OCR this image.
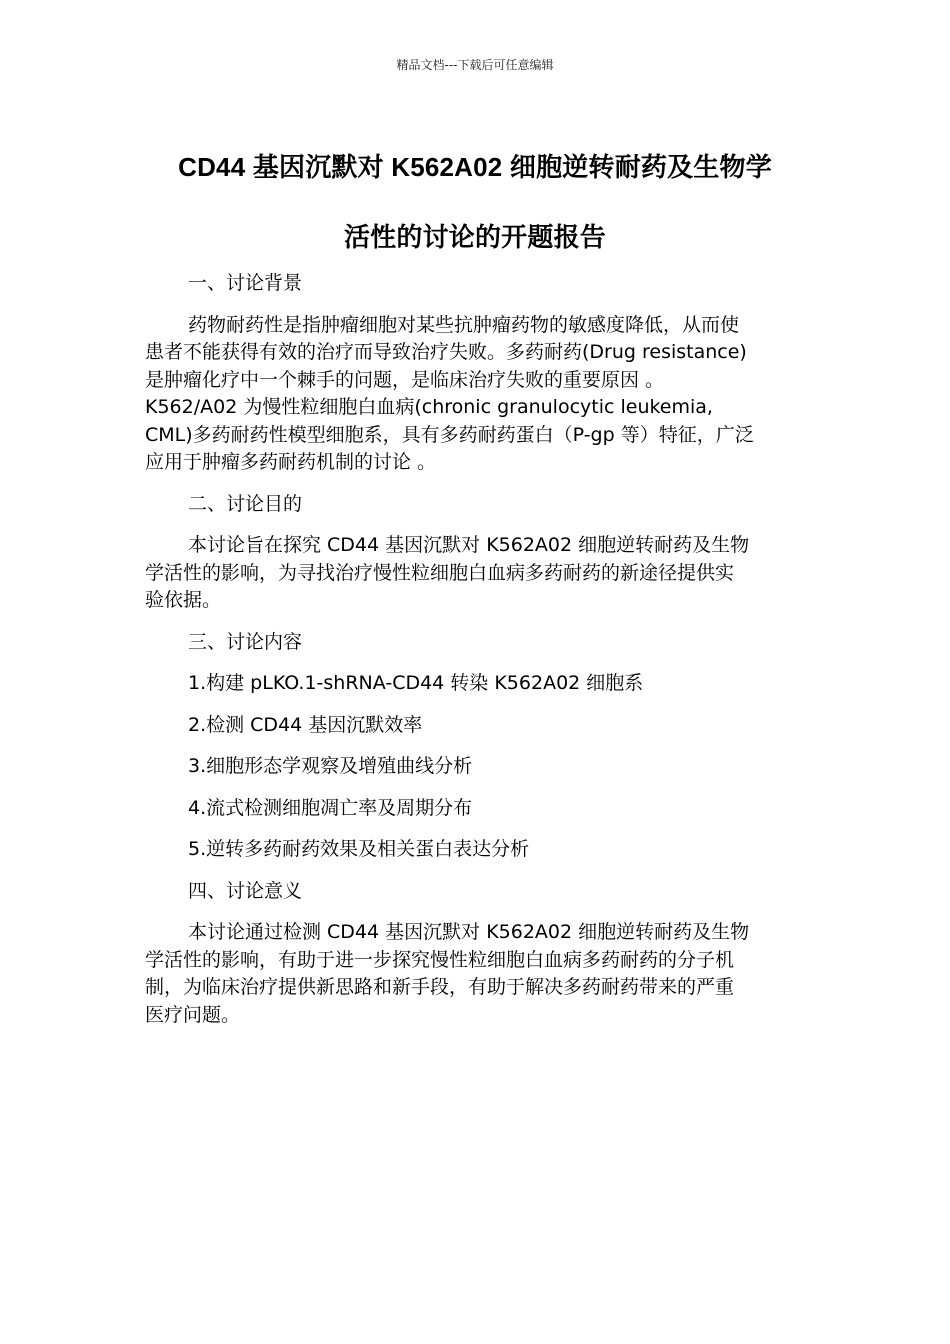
精品文档---下载后可任意编辑
CD44 基因沉默对 K562A02 细胞逆转耐药及生物学
活性的讨论的开题报告

一、讨论背景

药物耐药性是指肿瘤细胞对某些抗肿瘤药物的敏感度降低，从而使
患者不能获得有效的治疗而导致治疗失败。多药耐药(Drug resistance)
是肿瘤化疗中一个棘手的问题，是临床治疗失败的重要原因 。
K562/A02 为慢性粒细胞白血病(chronic granulocytic leukemia,
CML)多药耐药性模型细胞系，具有多药耐药蛋白（P-gp 等）特征，广泛
应用于肿瘤多药耐药机制的讨论 。

二、讨论目的

本讨论旨在探究 CD44 基因沉默对 K562A02 细胞逆转耐药及生物
学活性的影响，为寻找治疗慢性粒细胞白血病多药耐药的新途径提供实
验依据。

三、讨论内容

1.构建 pLKO.1-shRNA-CD44 转染 K562A02 细胞系

2.检测 CD44 基因沉默效率

3.细胞形态学观察及增殖曲线分析

4.流式检测细胞凋亡率及周期分布

5.逆转多药耐药效果及相关蛋白表达分析

四、讨论意义

本讨论通过检测 CD44 基因沉默对 K562A02 细胞逆转耐药及生物
学活性的影响，有助于进一步探究慢性粒细胞白血病多药耐药的分子机
制，为临床治疗提供新思路和新手段，有助于解决多药耐药带来的严重
医疗问题。
